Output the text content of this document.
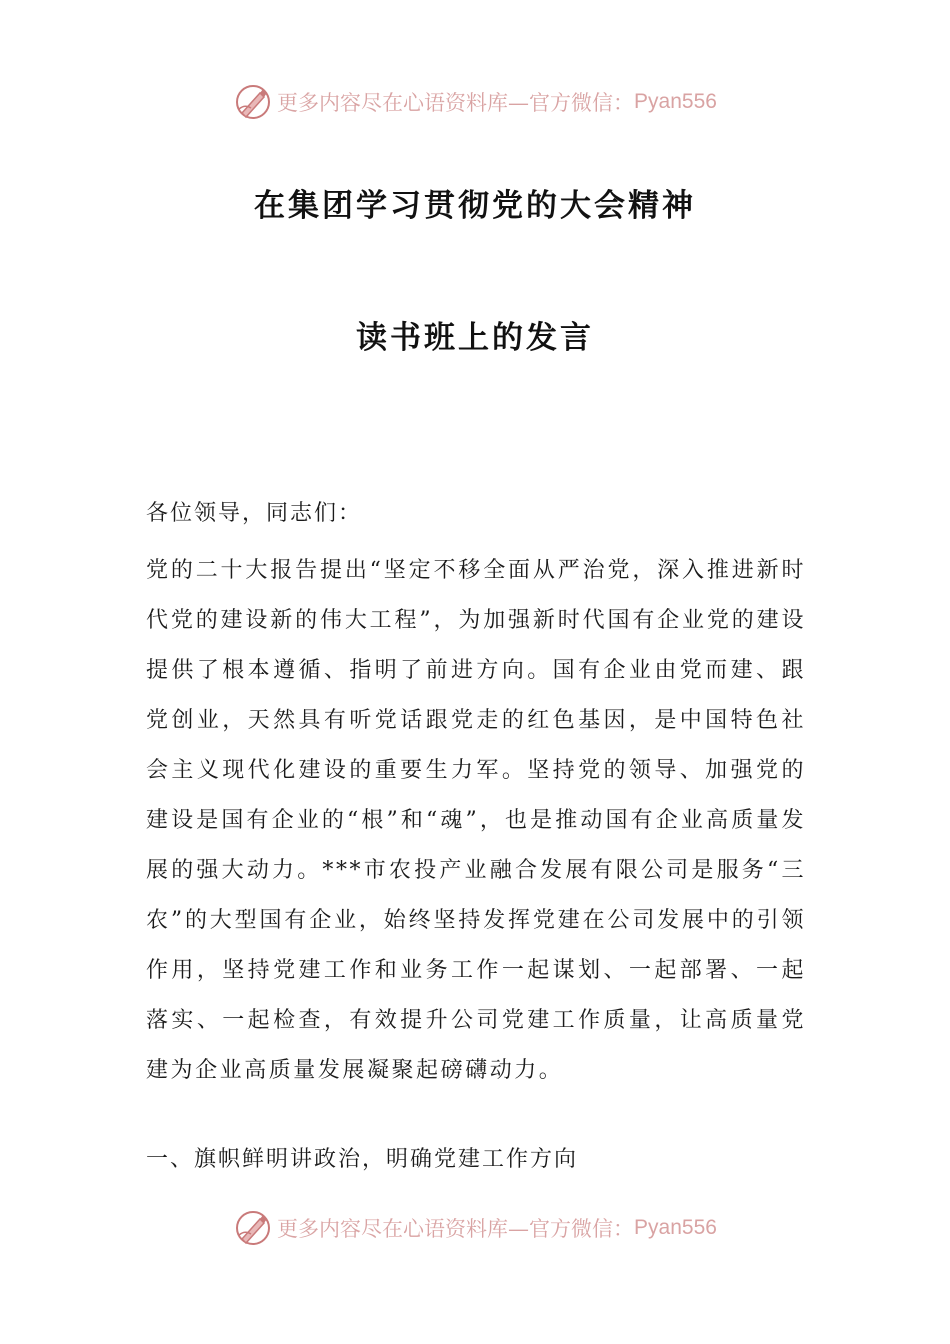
更多内容尽在心语资料库—官方微信： Pyan556
在集团学习贯彻党的大会精神
读书班上的发言
各位领导，同志们：

党的二十大报告提出“坚定不移全面从严治党，深入推进新时代党的建设新的伟大工程”，为加强新时代国有企业党的建设提供了根本遵循、指明了前进方向。国有企业由党而建、跟党创业，天然具有听党话跟党走的红色基因，是中国特色社会主义现代化建设的重要生力军。坚持党的领导、加强党的建设是国有企业的“根”和“魂”，也是推动国有企业高质量发展的强大动力。***市农投产业融合发展有限公司是服务“三农”的大型国有企业，始终坚持发挥党建在公司发展中的引领作用，坚持党建工作和业务工作一起谋划、一起部署、一起落实、一起检查，有效提升公司党建工作质量，让高质量党建为企业高质量发展凝聚起磅礴动力。

一、旗帜鲜明讲政治，明确党建工作方向
更多内容尽在心语资料库—官方微信： Pyan556
